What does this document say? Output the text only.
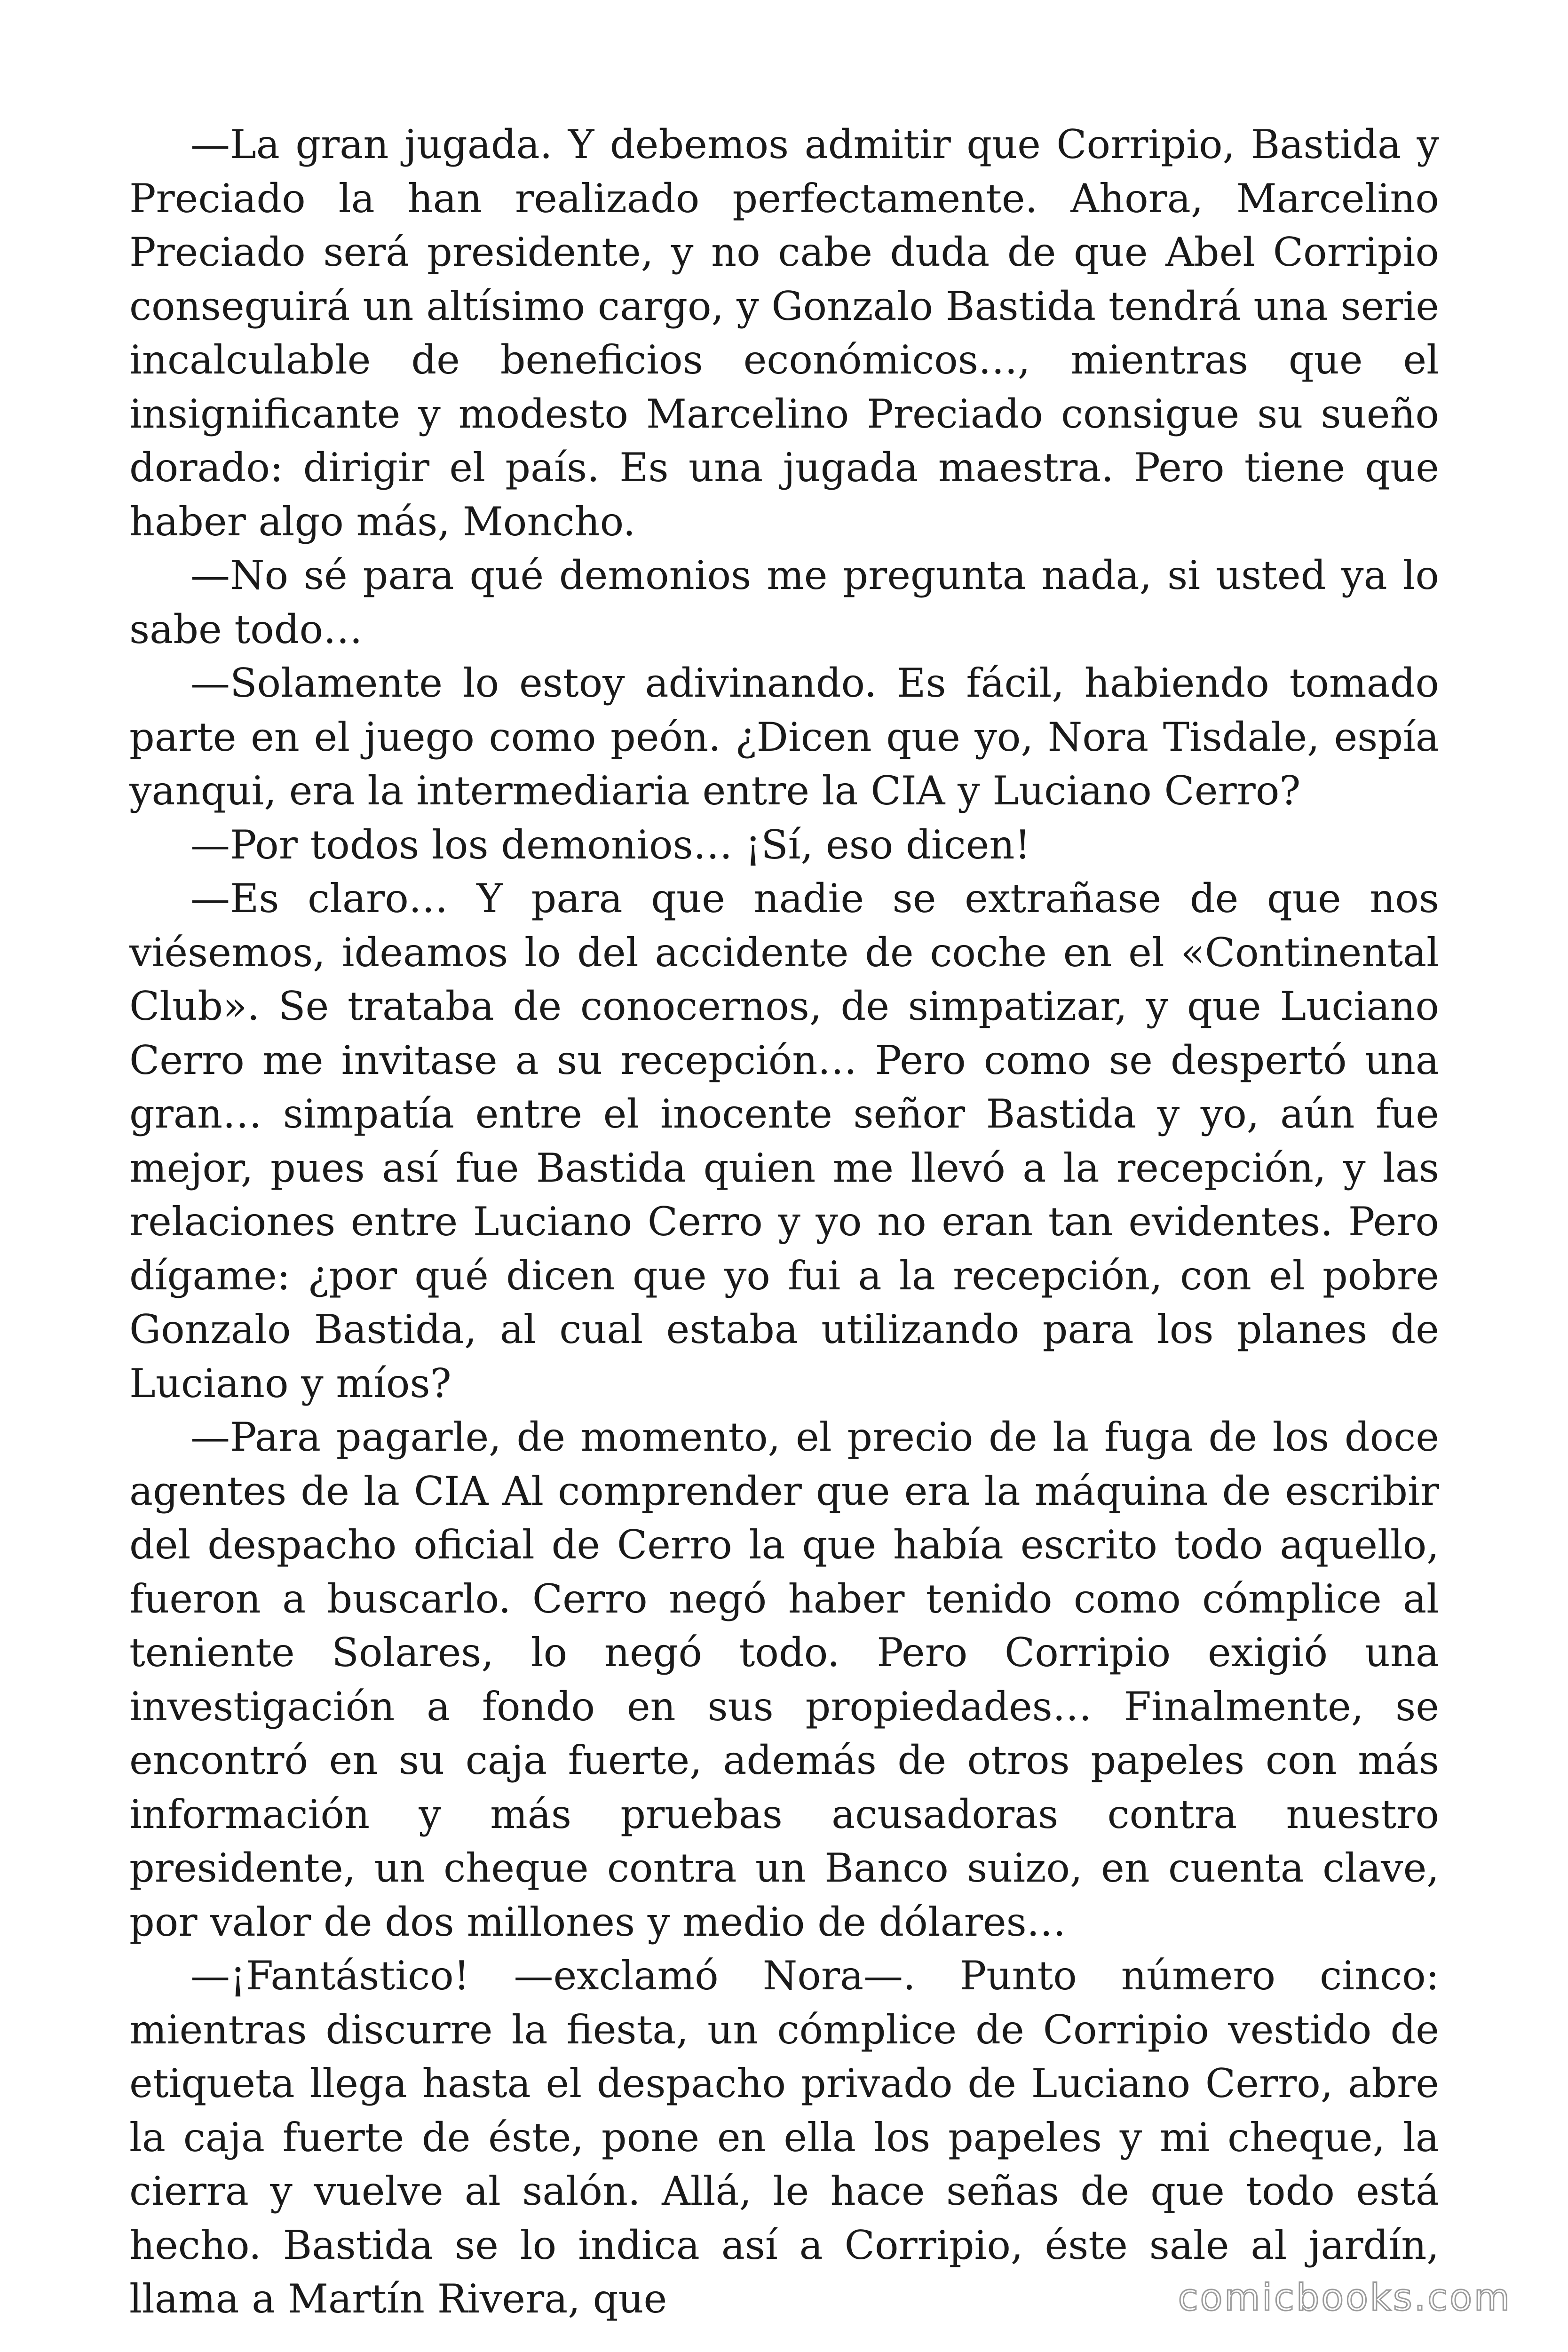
—La gran jugada. Y debemos admitir que Corripio, Bastida y Preciado la han realizado perfectamente. Ahora, Marcelino Preciado será presidente, y no cabe duda de que Abel Corripio conseguirá un altísimo cargo, y Gonzalo Bastida tendrá una serie incalculable de beneficios económicos…, mientras que el insignificante y modesto Marcelino Preciado consigue su sueño dorado: dirigir el país. Es una jugada maestra. Pero tiene que haber algo más, Moncho.

—No sé para qué demonios me pregunta nada, si usted ya lo sabe todo…

—Solamente lo estoy adivinando. Es fácil, habiendo tomado parte en el juego como peón. ¿Dicen que yo, Nora Tisdale, espía yanqui, era la intermediaria entre la CIA y Luciano Cerro?

—Por todos los demonios… ¡Sí, eso dicen!

—Es claro… Y para que nadie se extrañase de que nos viésemos, ideamos lo del accidente de coche en el «Continental Club». Se trataba de conocernos, de simpatizar, y que Luciano Cerro me invitase a su recepción… Pero como se despertó una gran… simpatía entre el inocente señor Bastida y yo, aún fue mejor, pues así fue Bastida quien me llevó a la recepción, y las relaciones entre Luciano Cerro y yo no eran tan evidentes. Pero dígame: ¿por qué dicen que yo fui a la recepción, con el pobre Gonzalo Bastida, al cual estaba utilizando para los planes de Luciano y míos?

—Para pagarle, de momento, el precio de la fuga de los doce agentes de la CIA Al comprender que era la máquina de escribir del despacho oficial de Cerro la que había escrito todo aquello, fueron a buscarlo. Cerro negó haber tenido como cómplice al teniente Solares, lo negó todo. Pero Corripio exigió una investigación a fondo en sus propiedades… Finalmente, se encontró en su caja fuerte, además de otros papeles con más información y más pruebas acusadoras contra nuestro presidente, un cheque contra un Banco suizo, en cuenta clave, por valor de dos millones y medio de dólares…

—¡Fantástico! —exclamó Nora—. Punto número cinco: mientras discurre la fiesta, un cómplice de Corripio vestido de etiqueta llega hasta el despacho privado de Luciano Cerro, abre la caja fuerte de éste, pone en ella los papeles y mi cheque, la cierra y vuelve al salón. Allá, le hace señas de que todo está hecho. Bastida se lo indica así a Corripio, éste sale al jardín, llama a Martín Rivera, que	comicbooks.com
